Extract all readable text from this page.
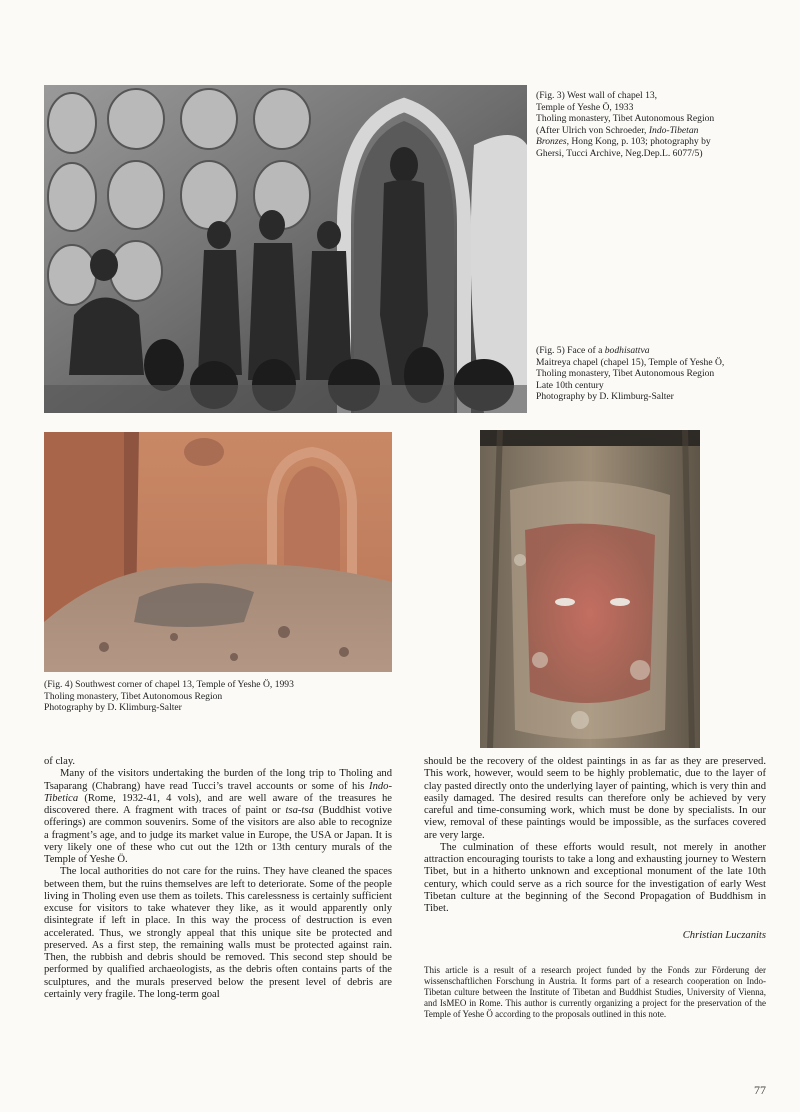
(Fig. 3) West wall of chapel 13,
Temple of Yeshe Ö, 1933
Tholing monastery, Tibet Autonomous Region
(After Ulrich von Schroeder, Indo-Tibetan
Bronzes, Hong Kong, p. 103; photography by
Ghersi, Tucci Archive, Neg.Dep.L. 6077/5)
(Fig. 5) Face of a bodhisattva
Maitreya chapel (chapel 15), Temple of Yeshe Ö,
Tholing monastery, Tibet Autonomous Region
Late 10th century
Photography by D. Klimburg-Salter
(Fig. 4) Southwest corner of chapel 13, Temple of Yeshe Ö, 1993
Tholing monastery, Tibet Autonomous Region
Photography by D. Klimburg-Salter

of clay.

Many of the visitors undertaking the burden of the long trip to Tholing and Tsaparang (Chabrang) have read Tucci’s travel accounts or some of his Indo-Tibetica (Rome, 1932-41, 4 vols), and are well aware of the treasures he discovered there. A fragment with traces of paint or tsa-tsa (Buddhist votive offerings) are common souvenirs. Some of the visitors are also able to recognize a fragment’s age, and to judge its market value in Europe, the USA or Japan. It is very likely one of these who cut out the 12th or 13th century murals of the Temple of Yeshe Ö.

The local authorities do not care for the ruins. They have cleaned the spaces between them, but the ruins themselves are left to deteriorate. Some of the people living in Tholing even use them as toilets. This carelessness is certainly sufficient excuse for visitors to take whatever they like, as it would apparently only disintegrate if left in place. In this way the process of destruction is even accelerated. Thus, we strongly appeal that this unique site be protected and preserved. As a first step, the remaining walls must be protected against rain. Then, the rubbish and debris should be removed. This second step should be performed by qualified archaeologists, as the debris often contains parts of the sculptures, and the murals preserved below the present level of debris are certainly very fragile. The long-term goal

should be the recovery of the oldest paintings in as far as they are preserved. This work, however, would seem to be highly problematic, due to the layer of clay pasted directly onto the underlying layer of painting, which is very thin and easily damaged. The desired results can therefore only be achieved by very careful and time-consuming work, which must be done by specialists. In our view, removal of these paintings would be impossible, as the surfaces covered are very large.

The culmination of these efforts would result, not merely in another attraction encouraging tourists to take a long and exhausting journey to Western Tibet, but in a hitherto unknown and exceptional monument of the late 10th century, which could serve as a rich source for the investigation of early West Tibetan culture at the beginning of the Second Propagation of Buddhism in Tibet.

Christian Luczanits
This article is a result of a research project funded by the Fonds zur Förderung der wissenschaftlichen Forschung in Austria. It forms part of a research cooperation on Indo-Tibetan culture between the Institute of Tibetan and Buddhist Studies, University of Vienna, and IsMEO in Rome. This author is currently organizing a project for the preservation of the Temple of Yeshe Ö according to the proposals outlined in this note.
77
